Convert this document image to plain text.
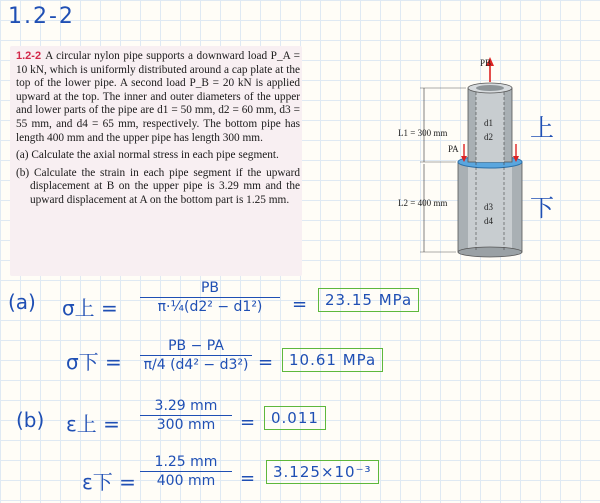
1.2-2

1.2-2 A circular nylon pipe supports a downward load P_A = 10 kN, which is uniformly distributed around a cap plate at the top of the lower pipe. A second load P_B = 20 kN is applied upward at the top. The inner and outer diameters of the upper and lower parts of the pipe are d1 = 50 mm, d2 = 60 mm, d3 = 55 mm, and d4 = 65 mm, respectively. The bottom pipe has length 400 mm and the upper pipe has length 300 mm.

(a) Calculate the axial normal stress in each pipe segment.

(b) Calculate the strain in each pipe segment if the upward displacement at B on the upper pipe is 3.29 mm and the upward displacement at A on the bottom part is 1.25 mm.

PB
PA
L1 = 300 mm
L2 = 400 mm
d1
d2
d3
d4
上
下
(a) σ上 =
PB
π·¼(d2² − d1²)	=	23.15 MPa
σ下 =
PB − PA
π/4 (d4² − d3²) =	10.61 MPa
(b) ε上 =
3.29 mm
300 mm	=	0.011
ε下 =
1.25 mm
400 mm	=	3.125×10⁻³
